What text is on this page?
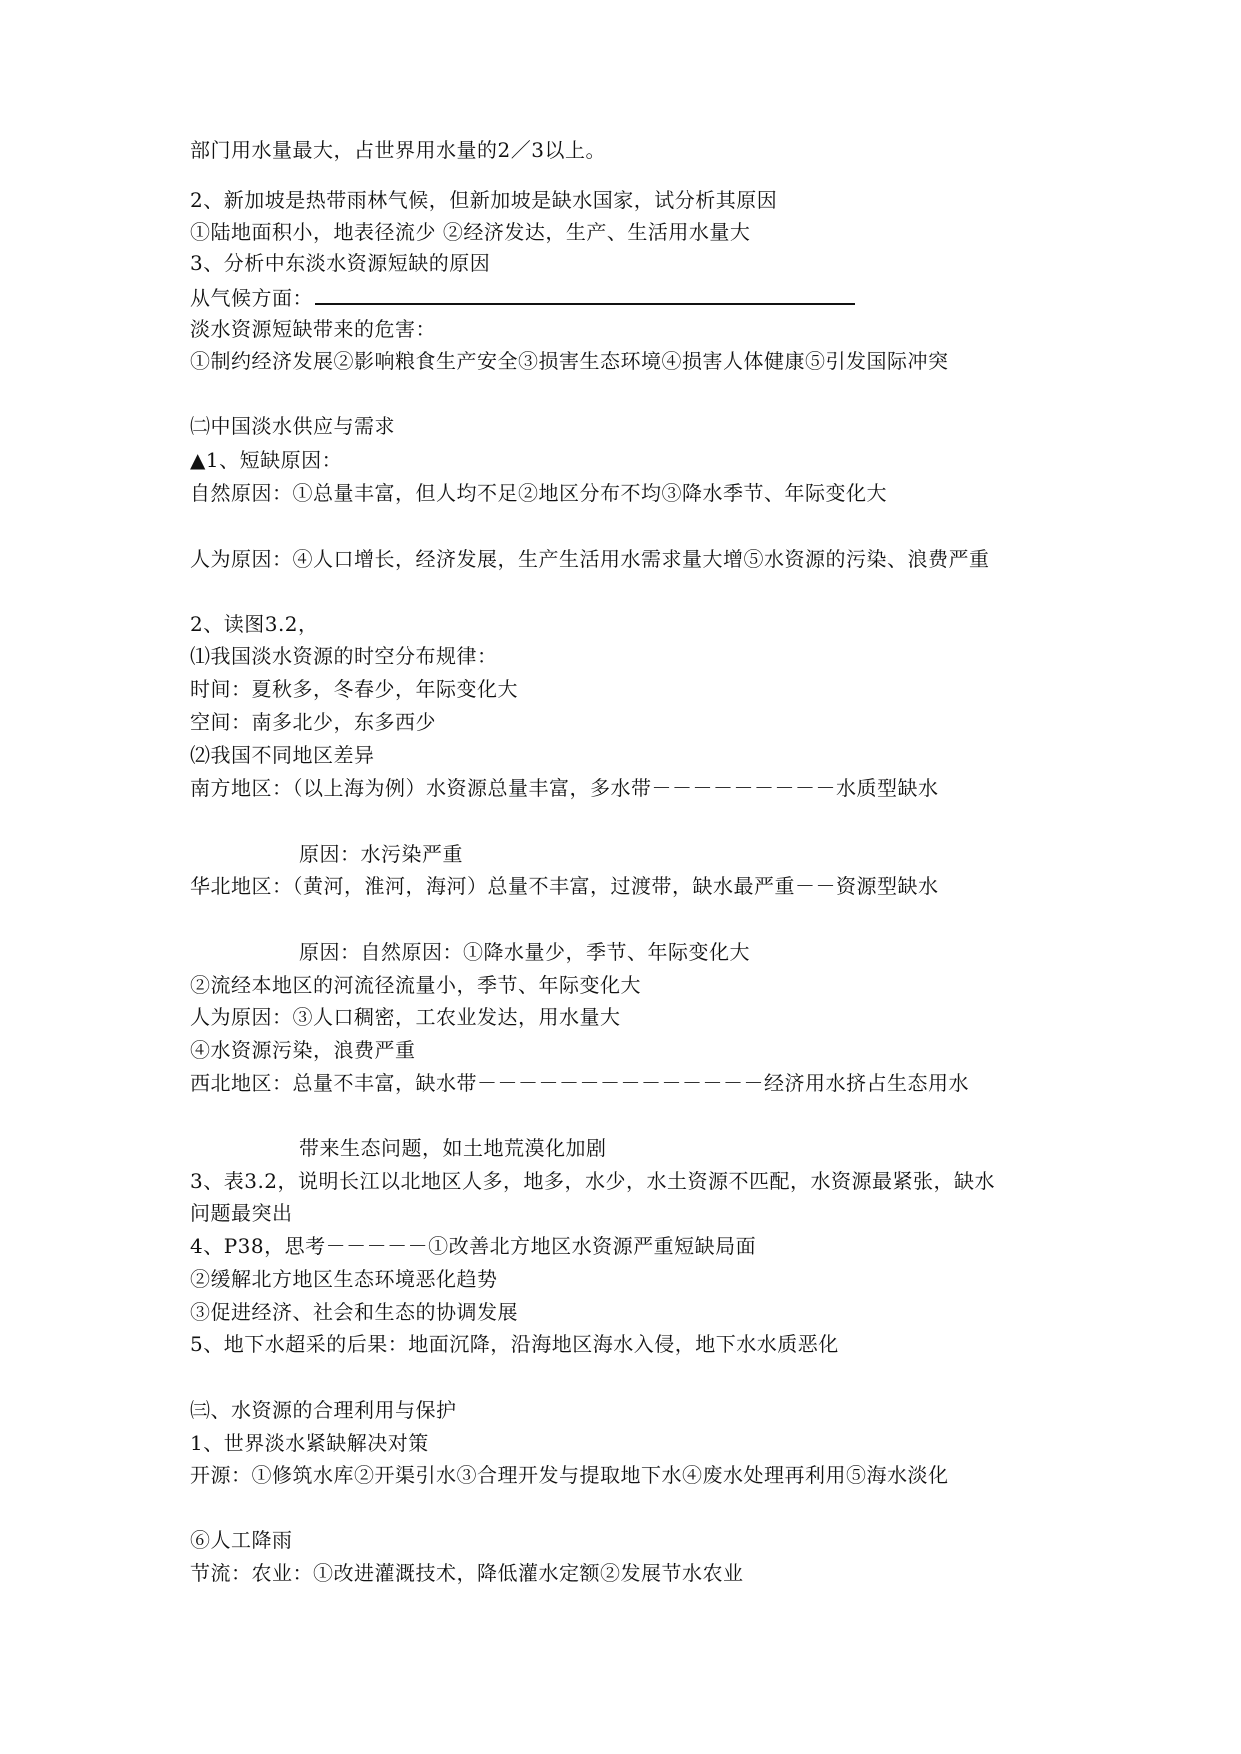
部门用水量最大，占世界用水量的2／3以上。
2、新加坡是热带雨林气候，但新加坡是缺水国家，试分析其原因
①陆地面积小，地表径流少 ②经济发达，生产、生活用水量大
3、分析中东淡水资源短缺的原因
从气候方面：
淡水资源短缺带来的危害：
①制约经济发展②影响粮食生产安全③损害生态环境④损害人体健康⑤引发国际冲突
㈡中国淡水供应与需求
▲1、短缺原因：
自然原因：①总量丰富，但人均不足②地区分布不均③降水季节、年际变化大
人为原因：④人口增长，经济发展，生产生活用水需求量大增⑤水资源的污染、浪费严重
2、读图3.2，
⑴我国淡水资源的时空分布规律：
时间：夏秋多，冬春少，年际变化大
空间：南多北少，东多西少
⑵我国不同地区差异
南方地区：（以上海为例）水资源总量丰富，多水带－－－－－－－－－水质型缺水
原因：水污染严重
华北地区：（黄河，淮河，海河）总量不丰富，过渡带，缺水最严重－－资源型缺水
原因：自然原因：①降水量少，季节、年际变化大
②流经本地区的河流径流量小，季节、年际变化大
人为原因：③人口稠密，工农业发达，用水量大
④水资源污染，浪费严重
西北地区：总量不丰富，缺水带－－－－－－－－－－－－－－经济用水挤占生态用水
带来生态问题，如土地荒漠化加剧
3、表3.2，说明长江以北地区人多，地多，水少，水土资源不匹配，水资源最紧张，缺水
问题最突出
4、P38，思考－－－－－①改善北方地区水资源严重短缺局面
②缓解北方地区生态环境恶化趋势
③促进经济、社会和生态的协调发展
5、地下水超采的后果：地面沉降，沿海地区海水入侵，地下水水质恶化
㈢、水资源的合理利用与保护
1、世界淡水紧缺解决对策
开源：①修筑水库②开渠引水③合理开发与提取地下水④废水处理再利用⑤海水淡化
⑥人工降雨
节流：农业：①改进灌溉技术，降低灌水定额②发展节水农业
